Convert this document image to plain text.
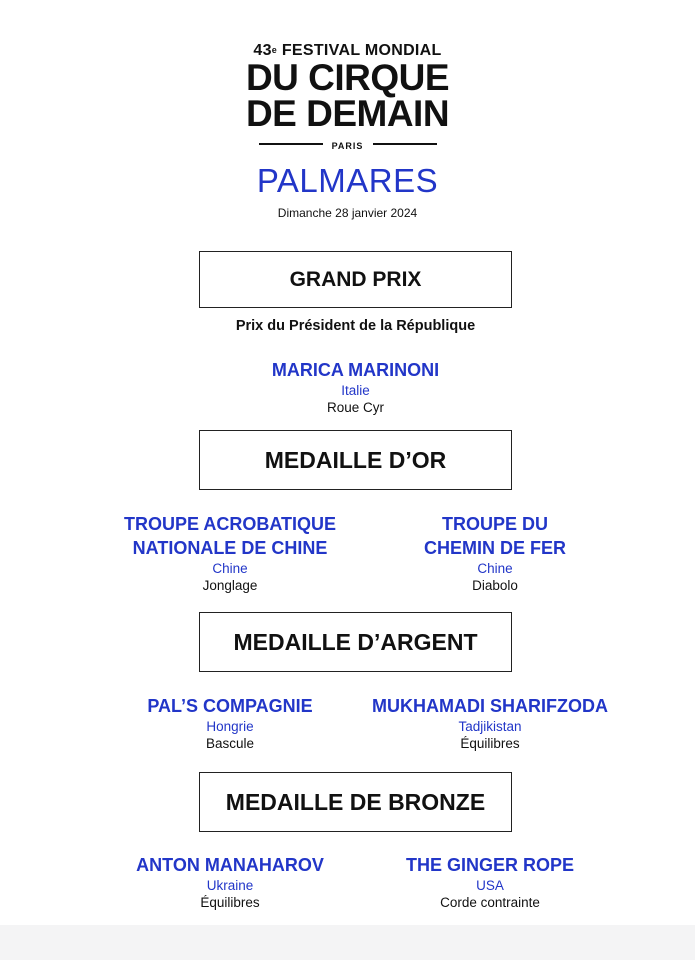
43e FESTIVAL MONDIAL
DU CIRQUE
DE DEMAIN
PARIS
PALMARES
Dimanche 28 janvier 2024
GRAND PRIX
Prix du Président de la République
MARICA MARINONI
Italie
Roue Cyr
MEDAILLE D’OR
TROUPE ACROBATIQUE
NATIONALE DE CHINE
Chine
Jonglage
TROUPE DU
CHEMIN DE FER
Chine
Diabolo
MEDAILLE D’ARGENT
PAL’S COMPAGNIE
Hongrie
Bascule
MUKHAMADI SHARIFZODA
Tadjikistan
Équilibres
MEDAILLE DE BRONZE
ANTON MANAHAROV
Ukraine
Équilibres
THE GINGER ROPE
USA
Corde contrainte
